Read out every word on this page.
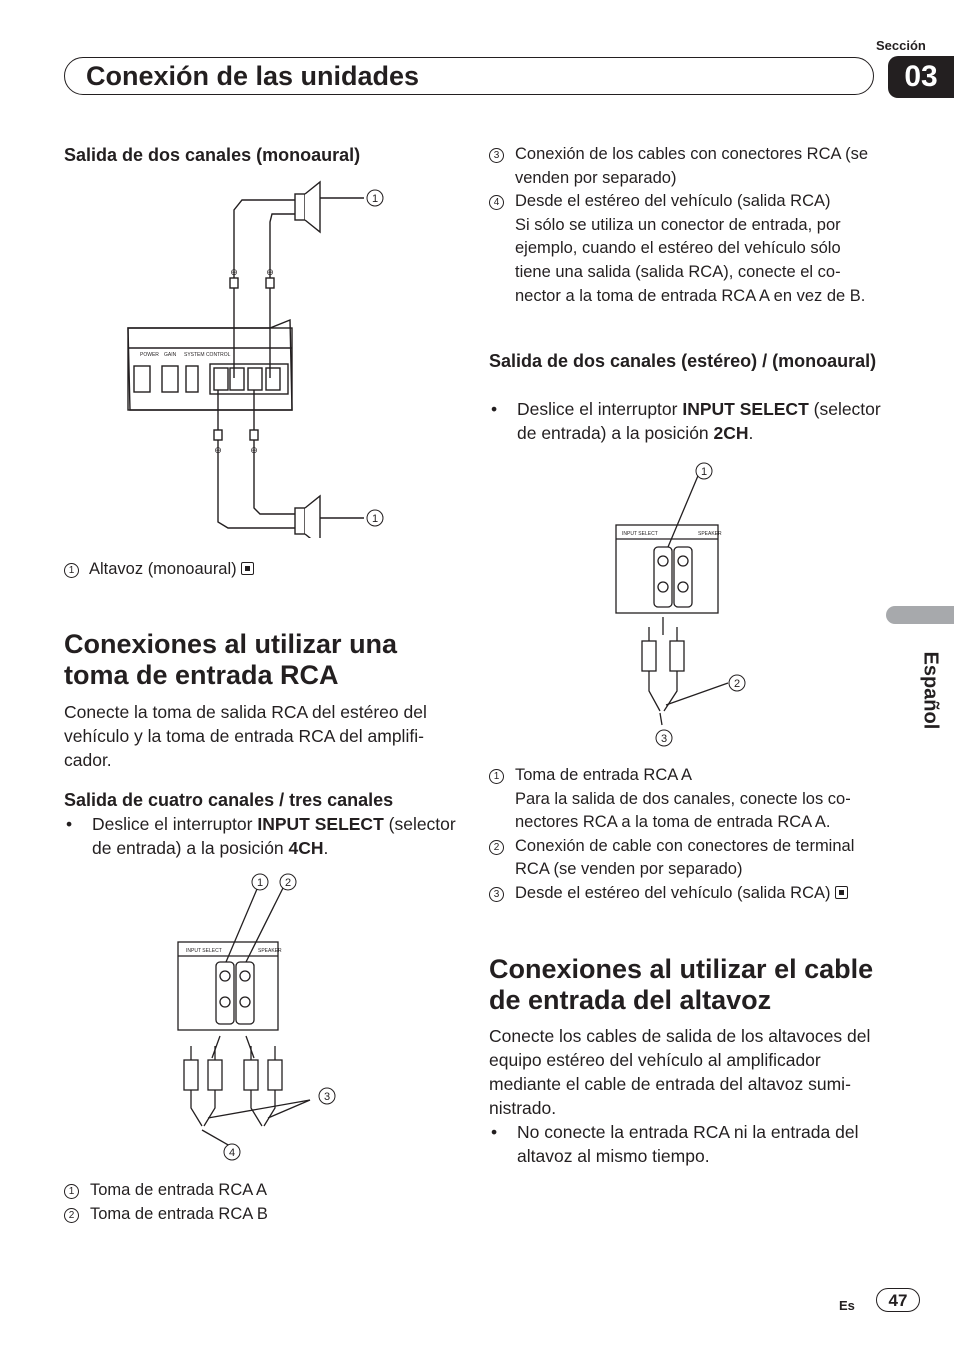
Sección
03
Conexión de las unidades
Español
Salida de dos canales (monoaural)
⊖	⊕
⊕	⊖
POWER GAIN SYSTEM CONTROL
1
1
1 Altavoz (monoaural)
Conexiones al utilizar una toma de entrada RCA
Conecte la toma de salida RCA del estéreo del vehículo y la toma de entrada RCA del amplificador.
Salida de cuatro canales / tres canales
•	Deslice el interruptor INPUT SELECT (selector de entrada) a la posición 4CH.
INPUT SELECT	SPEAKER
1 2
3
4
1 Toma de entrada RCA A
2 Toma de entrada RCA B
3 Conexión de los cables con conectores RCA (se venden por separado)
4 Desde el estéreo del vehículo (salida RCA)
Si sólo se utiliza un conector de entrada, por ejemplo, cuando el estéreo del vehículo sólo tiene una salida (salida RCA), conecte el conector a la toma de entrada RCA A en vez de B.
Salida de dos canales (estéreo) / (monoaural)
•	Deslice el interruptor INPUT SELECT (selector de entrada) a la posición 2CH.
INPUT SELECT	SPEAKER
1
2
3
1 Toma de entrada RCA A
Para la salida de dos canales, conecte los conectores RCA a la toma de entrada RCA A.
2 Conexión de cable con conectores de terminal RCA (se venden por separado)
3 Desde el estéreo del vehículo (salida RCA)
Conexiones al utilizar el cable de entrada del altavoz
Conecte los cables de salida de los altavoces del equipo estéreo del vehículo al amplificador mediante el cable de entrada del altavoz suministrado.
•	No conecte la entrada RCA ni la entrada del altavoz al mismo tiempo.
Es	47
